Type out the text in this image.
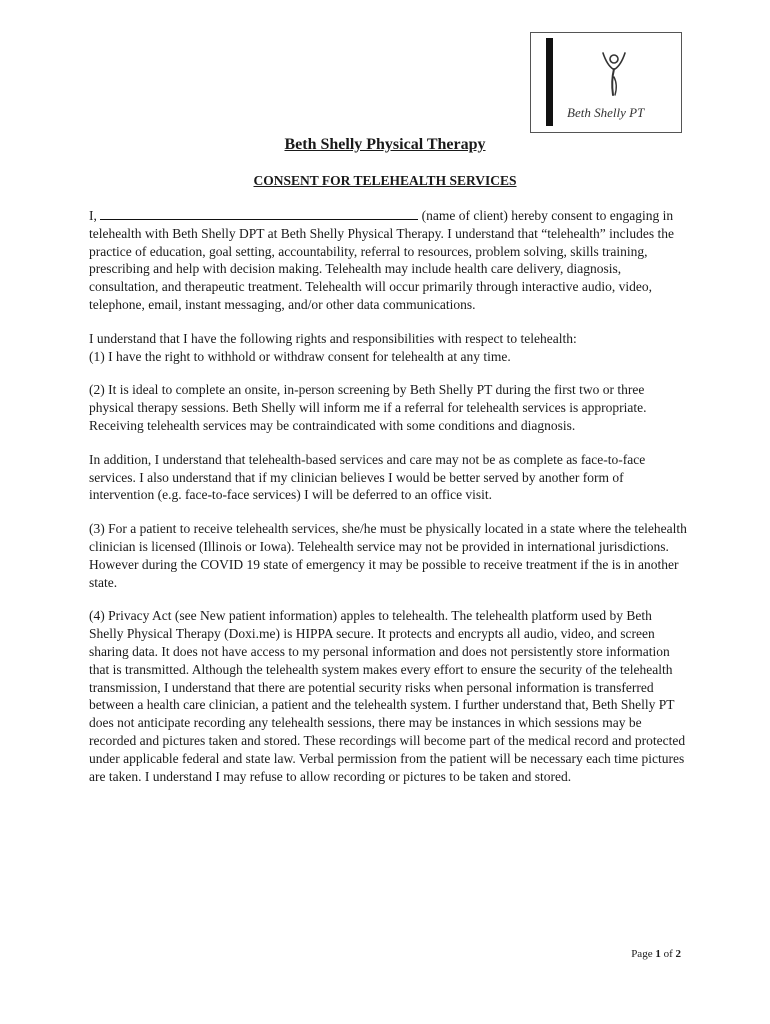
Beth Shelly PT
Beth Shelly Physical Therapy
CONSENT FOR TELEHEALTH SERVICES

I,	(name of client) hereby consent to engaging in telehealth with Beth Shelly DPT at Beth Shelly Physical Therapy. I understand that “telehealth” includes the practice of education, goal setting, accountability, referral to resources, problem solving, skills training, prescribing and help with decision making. Telehealth may include health care delivery, diagnosis, consultation, and therapeutic treatment. Telehealth will occur primarily through interactive audio, video, telephone, email, instant messaging, and/or other data communications.

I understand that I have the following rights and responsibilities with respect to telehealth:
(1) I have the right to withhold or withdraw consent for telehealth at any time.

(2) It is ideal to complete an onsite, in-person screening by Beth Shelly PT during the first two or three physical therapy sessions. Beth Shelly will inform me if a referral for telehealth services is appropriate. Receiving telehealth services may be contraindicated with some conditions and diagnosis.

In addition, I understand that telehealth-based services and care may not be as complete as face-to-face services. I also understand that if my clinician believes I would be better served by another form of intervention (e.g. face-to-face services) I will be deferred to an office visit.

(3) For a patient to receive telehealth services, she/he must be physically located in a state where the telehealth clinician is licensed (Illinois or Iowa). Telehealth service may not be provided in international jurisdictions. However during the COVID 19 state of emergency it may be possible to receive treatment if the is in another state.

(4) Privacy Act (see New patient information) apples to telehealth. The telehealth platform used by Beth Shelly Physical Therapy (Doxi.me) is HIPPA secure. It protects and encrypts all audio, video, and screen sharing data. It does not have access to my personal information and does not persistently store information that is transmitted. Although the telehealth system makes every effort to ensure the security of the telehealth transmission, I understand that there are potential security risks when personal information is transferred between a health care clinician, a patient and the telehealth system. I further understand that, Beth Shelly PT does not anticipate recording any telehealth sessions, there may be instances in which sessions may be recorded and pictures taken and stored. These recordings will become part of the medical record and protected under applicable federal and state law. Verbal permission from the patient will be necessary each time pictures are taken. I understand I may refuse to allow recording or pictures to be taken and stored.

Page 1 of 2
